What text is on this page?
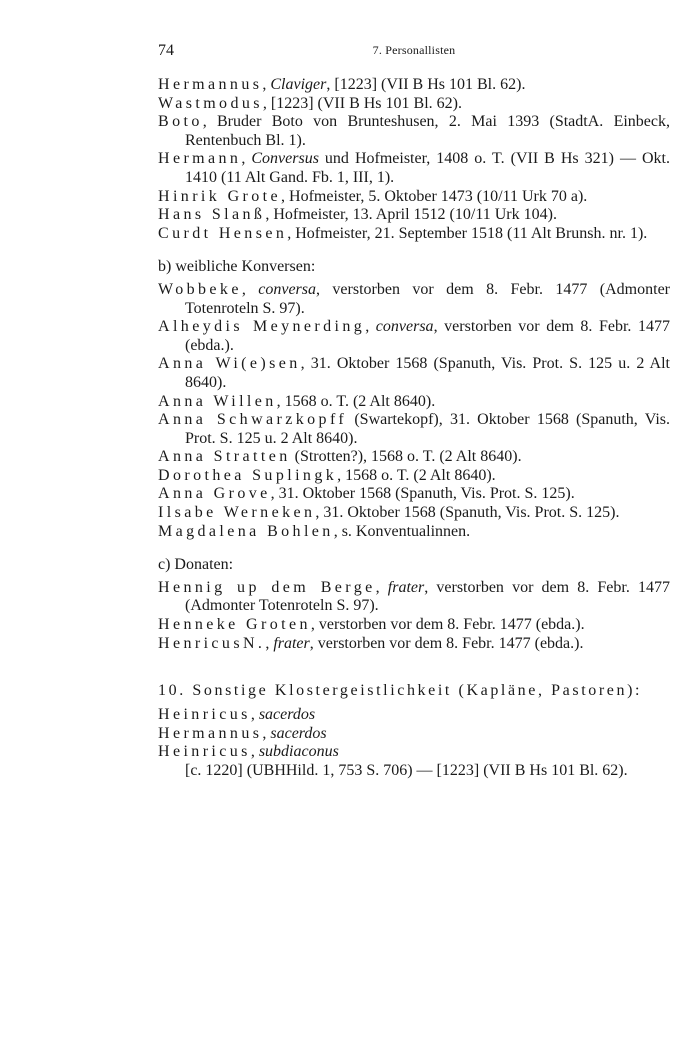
74	7. Personallisten

Hermannus, Claviger, [1223] (VII B Hs 101 Bl. 62).

Wastmodus, [1223] (VII B Hs 101 Bl. 62).

Boto, Bruder Boto von Brunteshusen, 2. Mai 1393 (StadtA. Einbeck, Rentenbuch Bl. 1).

Hermann, Conversus und Hofmeister, 1408 o. T. (VII B Hs 321) — Okt. 1410 (11 Alt Gand. Fb. 1, III, 1).

Hinrik Grote, Hofmeister, 5. Oktober 1473 (10/11 Urk 70 a).

Hans Slanß, Hofmeister, 13. April 1512 (10/11 Urk 104).

Curdt Hensen, Hofmeister, 21. September 1518 (11 Alt Brunsh. nr. 1).

b) weibliche Konversen:

Wobbeke, conversa, verstorben vor dem 8. Febr. 1477 (Admonter Totenroteln S. 97).

Alheydis Meynerding, conversa, verstorben vor dem 8. Febr. 1477 (ebda.).

Anna Wi(e)sen, 31. Oktober 1568 (Spanuth, Vis. Prot. S. 125 u. 2 Alt 8640).

Anna Willen, 1568 o. T. (2 Alt 8640).

Anna Schwarzkopff (Swartekopf), 31. Oktober 1568 (Spanuth, Vis. Prot. S. 125 u. 2 Alt 8640).

Anna Stratten (Strotten?), 1568 o. T. (2 Alt 8640).

Dorothea Suplingk, 1568 o. T. (2 Alt 8640).

Anna Grove, 31. Oktober 1568 (Spanuth, Vis. Prot. S. 125).

Ilsabe Werneken, 31. Oktober 1568 (Spanuth, Vis. Prot. S. 125).

Magdalena Bohlen, s. Konventualinnen.

c) Donaten:

Hennig up dem Berge, frater, verstorben vor dem 8. Febr. 1477 (Admonter Totenroteln S. 97).

Henneke Groten, verstorben vor dem 8. Febr. 1477 (ebda.).

HenricusN., frater, verstorben vor dem 8. Febr. 1477 (ebda.).

10. Sonstige Klostergeistlichkeit (Kapläne, Pastoren):

Heinricus, sacerdos

Hermannus, sacerdos

Heinricus, subdiaconus

[c. 1220] (UBHHild. 1, 753 S. 706) — [1223] (VII B Hs 101 Bl. 62).
